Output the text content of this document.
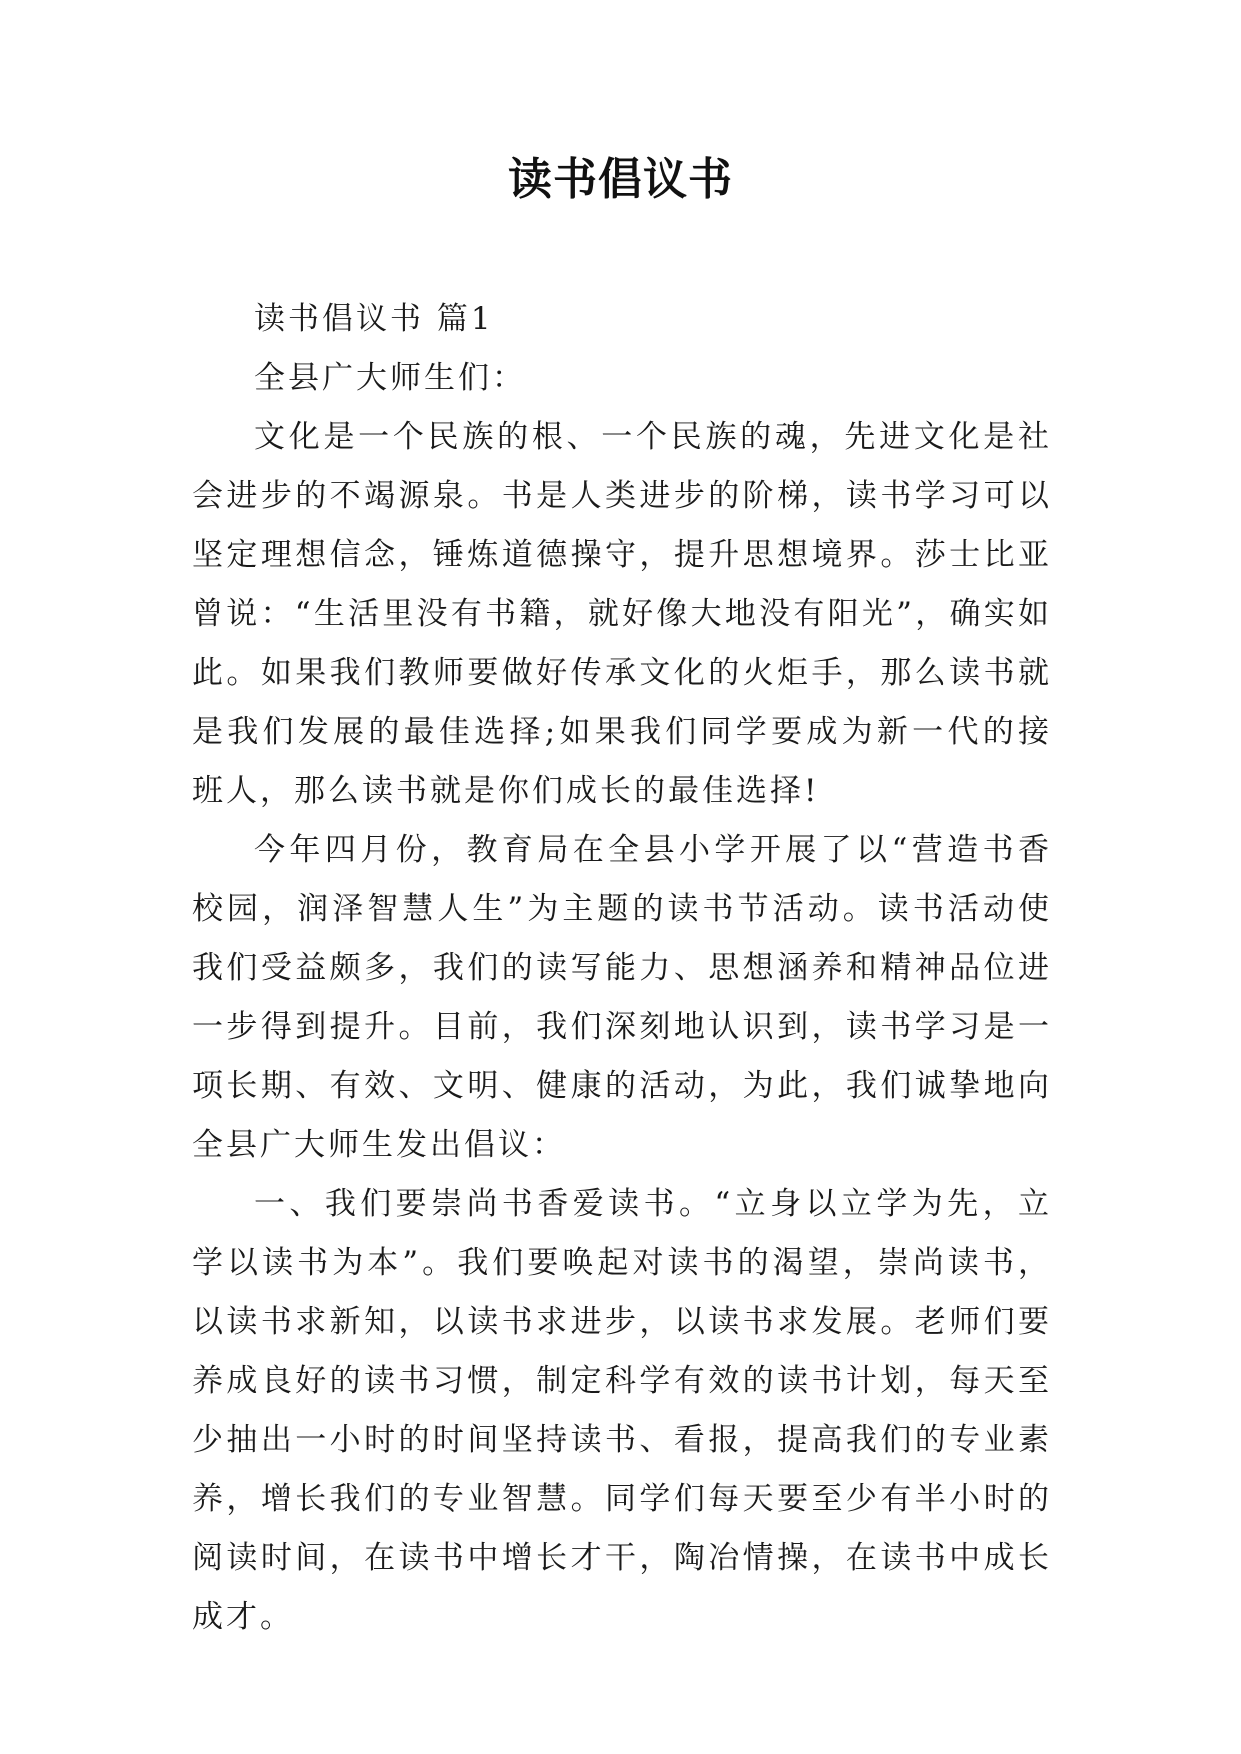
读书倡议书

读书倡议书 篇1

全县广大师生们：

文化是一个民族的根、一个民族的魂，先进文化是社会进步的不竭源泉。书是人类进步的阶梯，读书学习可以坚定理想信念，锤炼道德操守，提升思想境界。莎士比亚曾说：“生活里没有书籍，就好像大地没有阳光”，确实如此。如果我们教师要做好传承文化的火炬手，那么读书就是我们发展的最佳选择;如果我们同学要成为新一代的接班人，那么读书就是你们成长的最佳选择!

今年四月份，教育局在全县小学开展了以“营造书香校园，润泽智慧人生”为主题的读书节活动。读书活动使我们受益颇多，我们的读写能力、思想涵养和精神品位进一步得到提升。目前，我们深刻地认识到，读书学习是一项长期、有效、文明、健康的活动，为此，我们诚挚地向全县广大师生发出倡议：

一、我们要崇尚书香爱读书。“立身以立学为先，立学以读书为本”。我们要唤起对读书的渴望，崇尚读书，以读书求新知，以读书求进步，以读书求发展。老师们要养成良好的读书习惯，制定科学有效的读书计划，每天至少抽出一小时的时间坚持读书、看报，提高我们的专业素养，增长我们的专业智慧。同学们每天要至少有半小时的阅读时间，在读书中增长才干，陶冶情操，在读书中成长成才。
